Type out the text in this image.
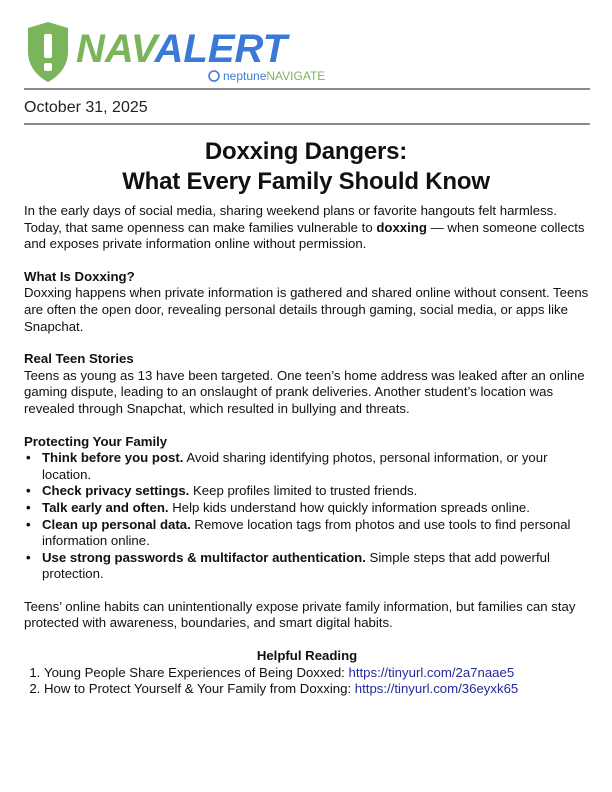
NAVALERT
neptuneNAVIGATE
October 31, 2025
Doxxing Dangers:
What Every Family Should Know

In the early days of social media, sharing weekend plans or favorite hangouts felt harmless. Today, that same openness can make families vulnerable to doxxing — when someone collects and exposes private information online without permission.

What Is Doxxing?

Doxxing happens when private information is gathered and shared online without consent. Teens are often the open door, revealing personal details through gaming, social media, or apps like Snapchat.

Real Teen Stories

Teens as young as 13 have been targeted. One teen’s home address was leaked after an online gaming dispute, leading to an onslaught of prank deliveries. Another student’s location was revealed through Snapchat, which resulted in bullying and threats.

Protecting Your Family

• Think before you post. Avoid sharing identifying photos, personal information, or your location.
• Check privacy settings. Keep profiles limited to trusted friends.
• Talk early and often. Help kids understand how quickly information spreads online.
• Clean up personal data. Remove location tags from photos and use tools to find personal information online.
• Use strong passwords & multifactor authentication. Simple steps that add powerful protection.

Teens’ online habits can unintentionally expose private family information, but families can stay protected with awareness, boundaries, and smart digital habits.

Helpful Reading

1. Young People Share Experiences of Being Doxxed: https://tinyurl.com/2a7naae5
2. How to Protect Yourself & Your Family from Doxxing: https://tinyurl.com/36eyxk65
